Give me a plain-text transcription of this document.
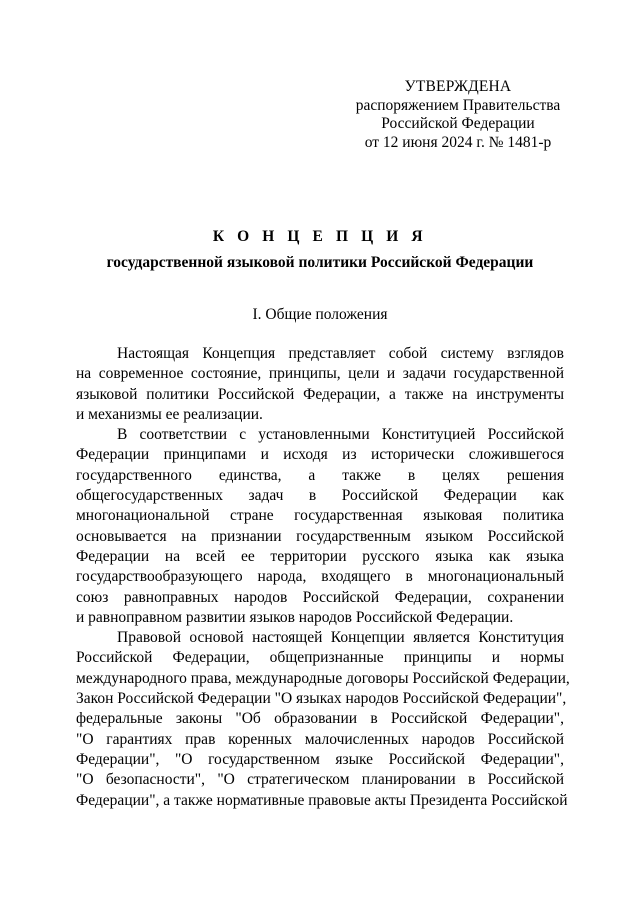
УТВЕРЖДЕНА
распоряжением Правительства
Российской Федерации
от 12 июня 2024 г. № 1481-р
К О Н Ц Е П Ц И Я
государственной языковой политики Российской Федерации
I. Общие положения
Настоящая Концепция представляет собой систему взглядов
на современное состояние, принципы, цели и задачи государственной
языковой политики Российской Федерации, а также на инструменты
и механизмы ее реализации.
В соответствии с установленными Конституцией Российской
Федерации принципами и исходя из исторически сложившегося
государственного единства, а также в целях решения
общегосударственных задач в Российской Федерации как
многонациональной стране государственная языковая политика
основывается на признании государственным языком Российской
Федерации на всей ее территории русского языка как языка
государствообразующего народа, входящего в многонациональный
союз равноправных народов Российской Федерации, сохранении
и равноправном развитии языков народов Российской Федерации.
Правовой основой настоящей Концепции является Конституция
Российской Федерации, общепризнанные принципы и нормы
международного права, международные договоры Российской Федерации,
Закон Российской Федерации "О языках народов Российской Федерации",
федеральные законы "Об образовании в Российской Федерации",
"О гарантиях прав коренных малочисленных народов Российской
Федерации", "О государственном языке Российской Федерации",
"О безопасности", "О стратегическом планировании в Российской
Федерации", а также нормативные правовые акты Президента Российской
